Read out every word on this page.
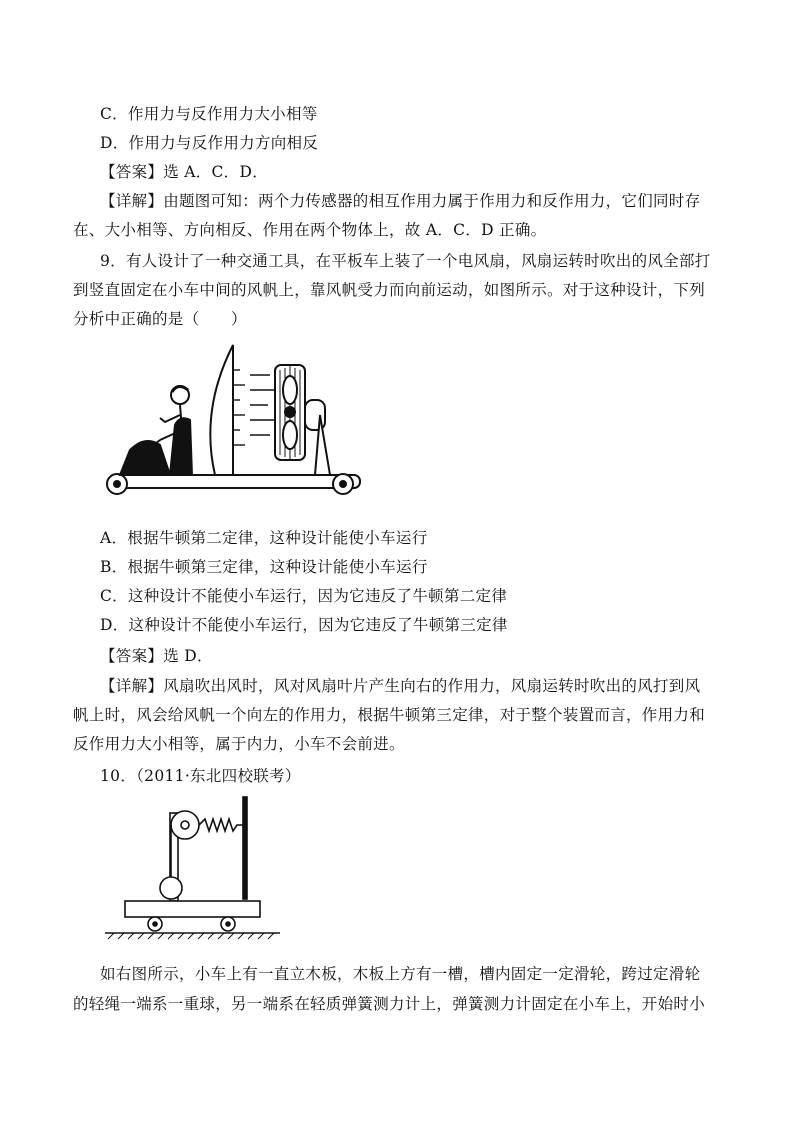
C．作用力与反作用力大小相等
D．作用力与反作用力方向相反
【答案】选 A．C．D．
【详解】由题图可知：两个力传感器的相互作用力属于作用力和反作用力，它们同时存
在、大小相等、方向相反、作用在两个物体上，故 A．C．D 正确。
9．有人设计了一种交通工具，在平板车上装了一个电风扇，风扇运转时吹出的风全部打
到竖直固定在小车中间的风帆上，靠风帆受力而向前运动，如图所示。对于这种设计，下列
分析中正确的是（　　）
A．根据牛顿第二定律，这种设计能使小车运行
B．根据牛顿第三定律，这种设计能使小车运行
C．这种设计不能使小车运行，因为它违反了牛顿第二定律
D．这种设计不能使小车运行，因为它违反了牛顿第三定律
【答案】选 D．
【详解】风扇吹出风时，风对风扇叶片产生向右的作用力，风扇运转时吹出的风打到风
帆上时，风会给风帆一个向左的作用力，根据牛顿第三定律，对于整个装置而言，作用力和
反作用力大小相等，属于内力，小车不会前进。
10．（2011·东北四校联考）
如右图所示，小车上有一直立木板，木板上方有一槽，槽内固定一定滑轮，跨过定滑轮
的轻绳一端系一重球，另一端系在轻质弹簧测力计上，弹簧测力计固定在小车上，开始时小
